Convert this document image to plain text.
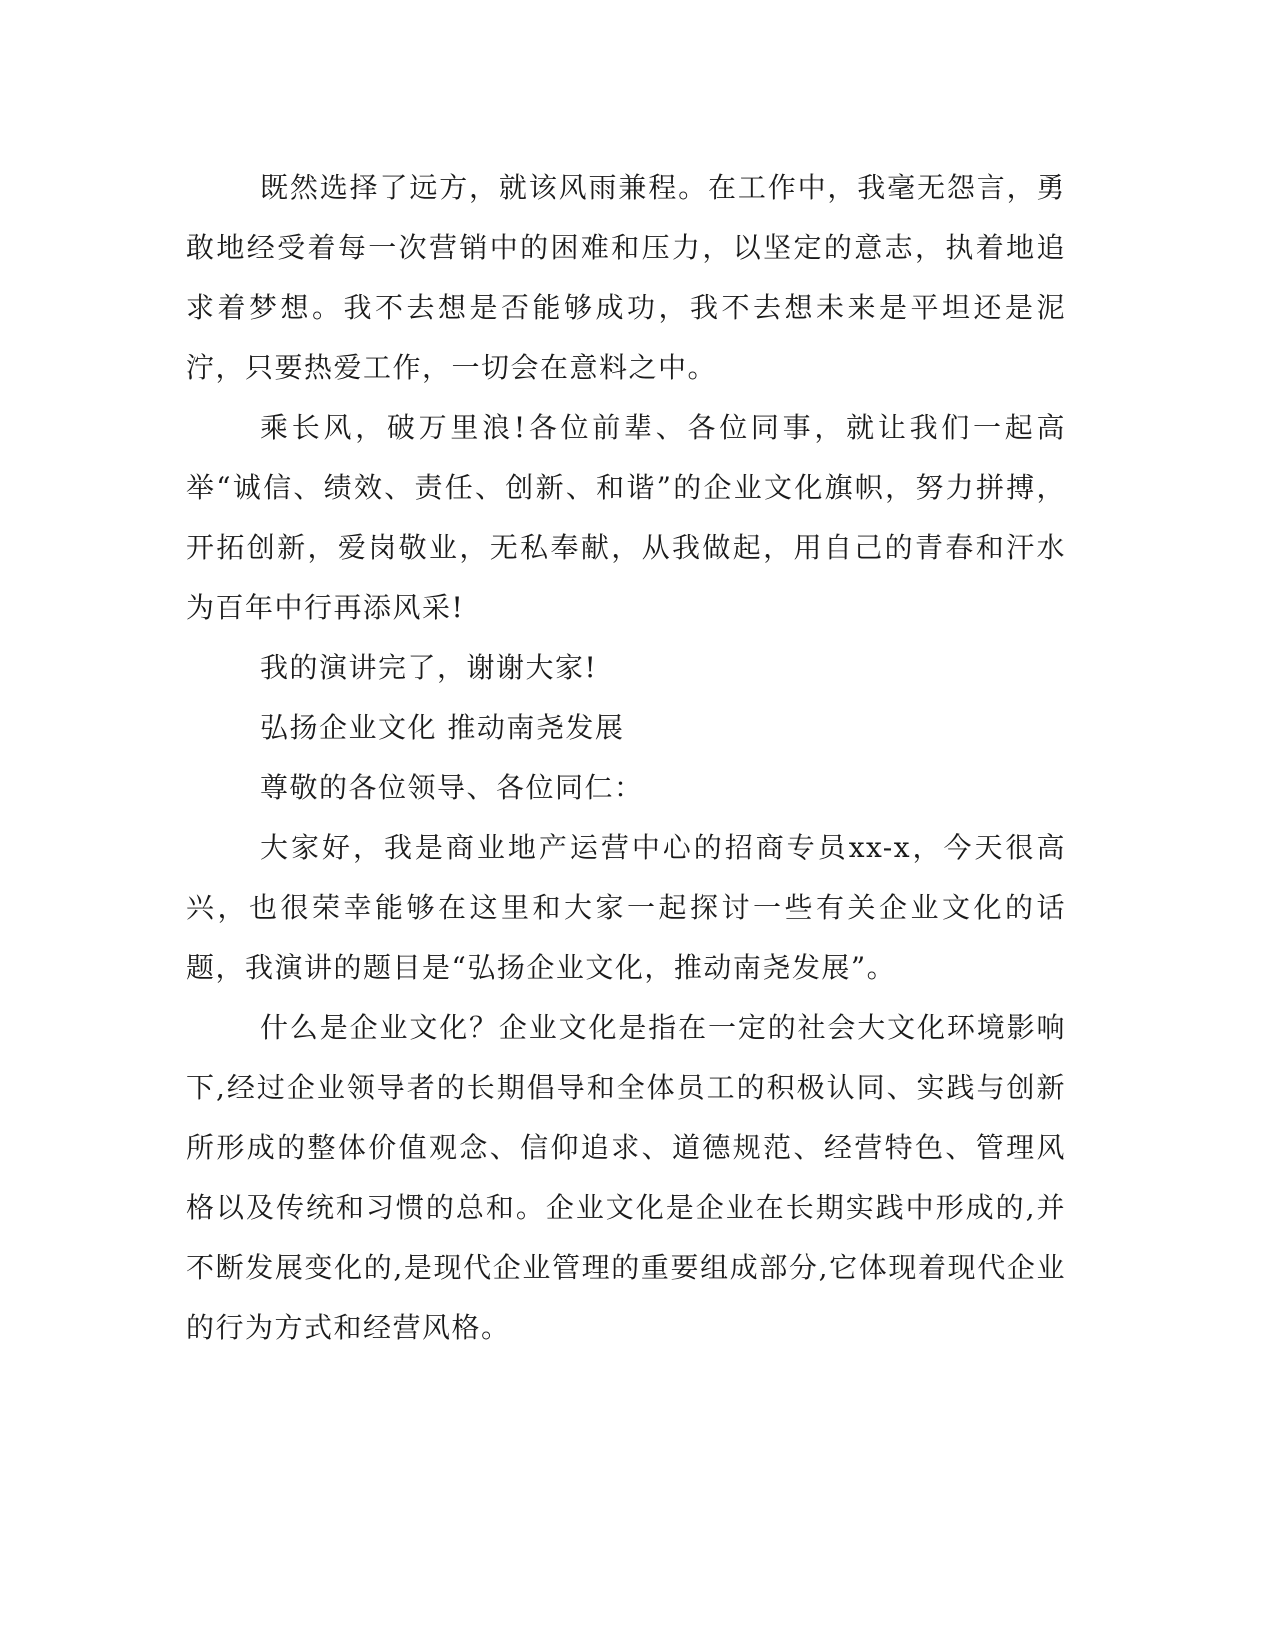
既然选择了远方，就该风雨兼程。在工作中，我毫无怨言，勇敢地经受着每一次营销中的困难和压力，以坚定的意志，执着地追求着梦想。我不去想是否能够成功，我不去想未来是平坦还是泥泞，只要热爱工作，一切会在意料之中。

乘长风，破万里浪!各位前辈、各位同事，就让我们一起高举“诚信、绩效、责任、创新、和谐”的企业文化旗帜，努力拼搏，开拓创新，爱岗敬业，无私奉献，从我做起，用自己的青春和汗水为百年中行再添风采!

我的演讲完了，谢谢大家!

弘扬企业文化 推动南尧发展

尊敬的各位领导、各位同仁：

大家好，我是商业地产运营中心的招商专员xx-x，今天很高兴，也很荣幸能够在这里和大家一起探讨一些有关企业文化的话题，我演讲的题目是“弘扬企业文化，推动南尧发展”。

什么是企业文化？企业文化是指在一定的社会大文化环境影响下,经过企业领导者的长期倡导和全体员工的积极认同、实践与创新所形成的整体价值观念、信仰追求、道德规范、经营特色、管理风格以及传统和习惯的总和。企业文化是企业在长期实践中形成的,并不断发展变化的,是现代企业管理的重要组成部分,它体现着现代企业的行为方式和经营风格。
